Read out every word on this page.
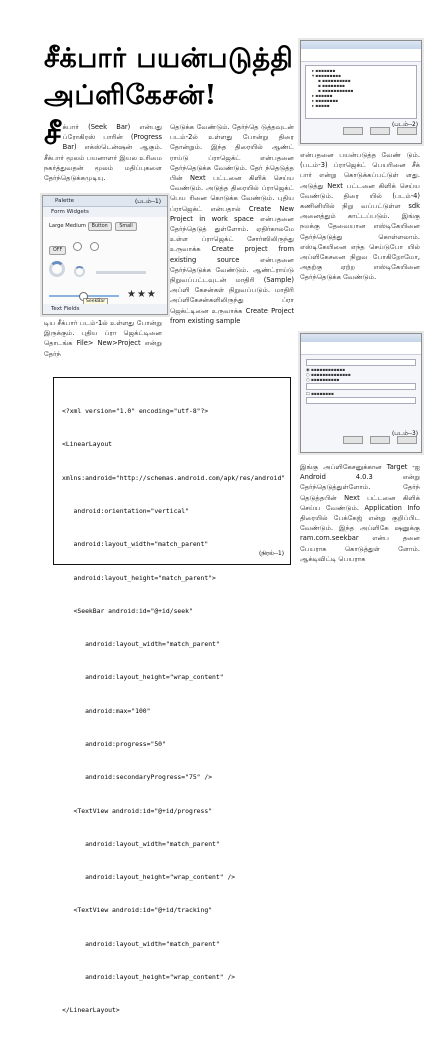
சீக்பார் பயன்படுத்தி
அப்ளிகேசன்!
சீ க்பார் (Seek Bar) என்பது ப்ரோகிரஸ் பாரின் (Progress Bar) எக்ஸ்டென்ஷன் ஆகும். சீக்பார் மூலம் பயனாளர் இயல உரிமை நகர்த்துவதன் மூலம் மதிப்புகளை தேர்ந்தெடுக்கமுடியு.

Palette
Form Widgets
Large Medium Button Small
OFF

SeekBar
★★★
(படம்--1)
Text Fields

டிய சீக்பார் படம்-1ல் உள்ளது போன்று இருக்கும். புதிய ப்ரா ஜெக்ட்டினை தொடங்க File> New>Project என்று தேர்ந்

தெடுக்க வேண்டும். தேர்ந்தெ டுத்தவுடன் படம்-2ல் உள்ளது போன்று திரை தோன்றும். இந்த திரையில் ஆண்ட் ராய்டு ப்ராஜெக்ட் என்பதனை தேர்ந்தெடுக்க வேண்டும். தேர் ந்தெடுத்த பின் Next பட்டனை கிளிக் செய்ய வேண்டும். அடுத்த திரையில் ப்ராஜெக்ட் பெய ரினை கொடுக்க வேண்டும். புதிய ப்ராஜெக்ட் என்பதால் Create New Project in work space என்பதனை தேர்ந்தெடுத் துள்ளோம். ஏதிர்காலமே உள்ள ப்ராஜெக்ட் சோர்ஸிலிருந்து உருவாக்க Create project from existing source என்பதனை தேர்ந்தெடுக்க வேண்டும். ஆண்ட்ராய்டு நிறுவப்பட்டவுடன் மாதிரி (Sample) அப்ளி கேசன்கள் நிறுவப்படும். மாதிரி அப்ளிகேசன்களிலிருந்து ப்ரா ஜெக்ட்டினை உருவாக்க Create Project from existing sample

▸ ▪▪▪▪▪▪▪
▾ ▪▪▪▪▪▪▪▪▪
▪ ▪▪▪▪▪▪▪▪▪▪
▪ ▪▪▪▪▪▪▪▪
▪ ▪▪▪▪▪▪▪▪▪▪▪
▸ ▪▪▪▪▪▪
▸ ▪▪▪▪▪▪▪▪
▸ ▪▪▪▪▪

(படம்--2)

என்பதனை பயன்படுத்த வேண் டும்.(படம்-3) ப்ராஜெக்ட் பெயரினை சீக் பார் என்று கொடுக்கப்பட்டுள் ளது. அடுத்து Next பட்டனை கிளிக் செய்ய வேண்டும். திரை யில் (படம்-4) கணினியில் நிறு வப்பட்டுள்ள sdk அனைத்தும் காட்டப்படும். இங்கு நமக்கு தேவையான எஸ்டிகேயினை தேர்ந்தெடுத்து கொள்ளலாம். எஸ்டிகேயினை எந்த செய்டுபோ யில் அப்ளிகேசனை நிறுவ போகிறோமோ, அதற்கு ஏற்ற எஸ்டிகேயினை தேர்ந்தெடுக்க வேண்டும்.

◉ ▪▪▪▪▪▪▪▪▪▪▪▪
○ ▪▪▪▪▪▪▪▪▪▪▪▪▪▪
○ ▪▪▪▪▪▪▪▪▪▪
☐ ▪▪▪▪▪▪▪▪

(படம்--3)

இங்கு அப்ளிகேசனுக்கான Target -ஐ Android 4.0.3 என்று தேர்ந்தெடுத்துள்ளோம். தேர்ந் தெடுத்தபின் Next பட்டனை கிளிக் செய்ய வேண்டும். Application Info திரையில் பேக்கேஜ் என்று குறிப்பிட வேண்டும். இந்த அப்ளிகே ஷனுக்கு ram.com.seekbar என்ப தனை பேயராக கொடுத்துள் ளோம். ஆக்டிவிட்டி பெயராக

<?xml version="1.0" encoding="utf-8"?>

<LinearLayout

xmlns:android="http://schemas.android.com/apk/res/android"

android:orientation="vertical"

android:layout_width="match_parent"

android:layout_height="match_parent">

<SeekBar android:id="@+id/seek"

android:layout_width="match_parent"

android:layout_height="wrap_content"

android:max="100"

android:progress="50"

android:secondaryProgress="75" />

<TextView android:id="@+id/progress"

android:layout_width="match_parent"

android:layout_height="wrap_content" />

<TextView android:id="@+id/tracking"

android:layout_width="match_parent"

android:layout_height="wrap_content" />

</LinearLayout>

(நிரல்--1)
